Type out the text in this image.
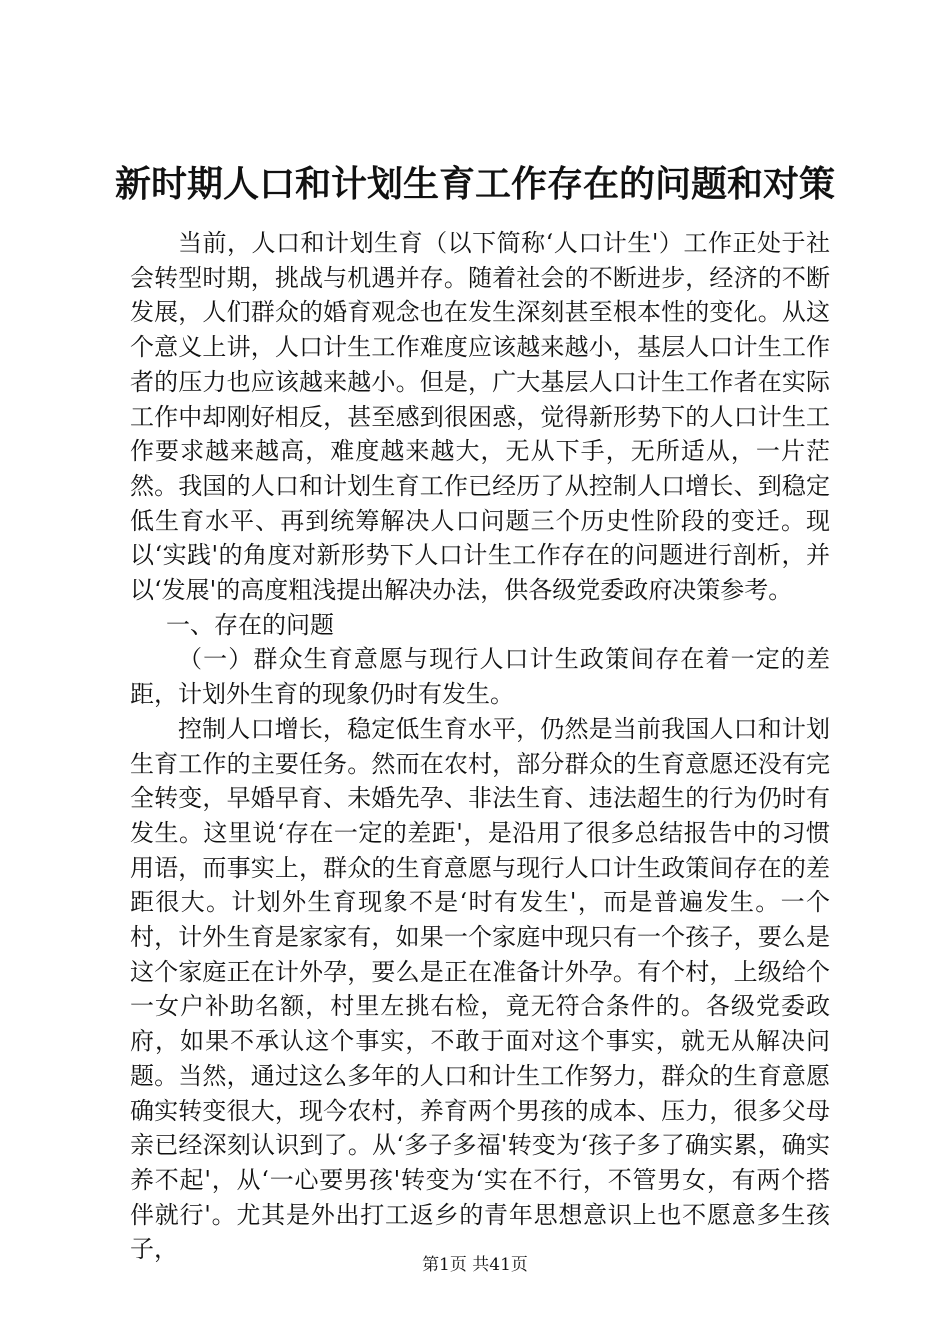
新时期人口和计划生育工作存在的问题和对策

当前，人口和计划生育（以下简称‘人口计生'）工作正处于社会转型时期，挑战与机遇并存。随着社会的不断进步，经济的不断发展，人们群众的婚育观念也在发生深刻甚至根本性的变化。从这个意义上讲，人口计生工作难度应该越来越小，基层人口计生工作者的压力也应该越来越小。但是，广大基层人口计生工作者在实际工作中却刚好相反，甚至感到很困惑，觉得新形势下的人口计生工作要求越来越高，难度越来越大，无从下手，无所适从，一片茫然。我国的人口和计划生育工作已经历了从控制人口增长、到稳定低生育水平、再到统筹解决人口问题三个历史性阶段的变迁。现以‘实践'的角度对新形势下人口计生工作存在的问题进行剖析，并以‘发展'的高度粗浅提出解决办法，供各级党委政府决策参考。

一、存在的问题

（一）群众生育意愿与现行人口计生政策间存在着一定的差距，计划外生育的现象仍时有发生。

控制人口增长，稳定低生育水平，仍然是当前我国人口和计划生育工作的主要任务。然而在农村，部分群众的生育意愿还没有完全转变，早婚早育、未婚先孕、非法生育、违法超生的行为仍时有发生。这里说‘存在一定的差距'，是沿用了很多总结报告中的习惯用语，而事实上，群众的生育意愿与现行人口计生政策间存在的差距很大。计划外生育现象不是‘时有发生'，而是普遍发生。一个村，计外生育是家家有，如果一个家庭中现只有一个孩子，要么是这个家庭正在计外孕，要么是正在准备计外孕。有个村，上级给个一女户补助名额，村里左挑右检，竟无符合条件的。各级党委政府，如果不承认这个事实，不敢于面对这个事实，就无从解决问题。当然，通过这么多年的人口和计生工作努力，群众的生育意愿确实转变很大，现今农村，养育两个男孩的成本、压力，很多父母亲已经深刻认识到了。从‘多子多福'转变为‘孩子多了确实累，确实养不起'，从‘一心要男孩'转变为‘实在不行，不管男女，有两个搭伴就行'。尤其是外出打工返乡的青年思想意识上也不愿意多生孩子，

第1页 共41页
